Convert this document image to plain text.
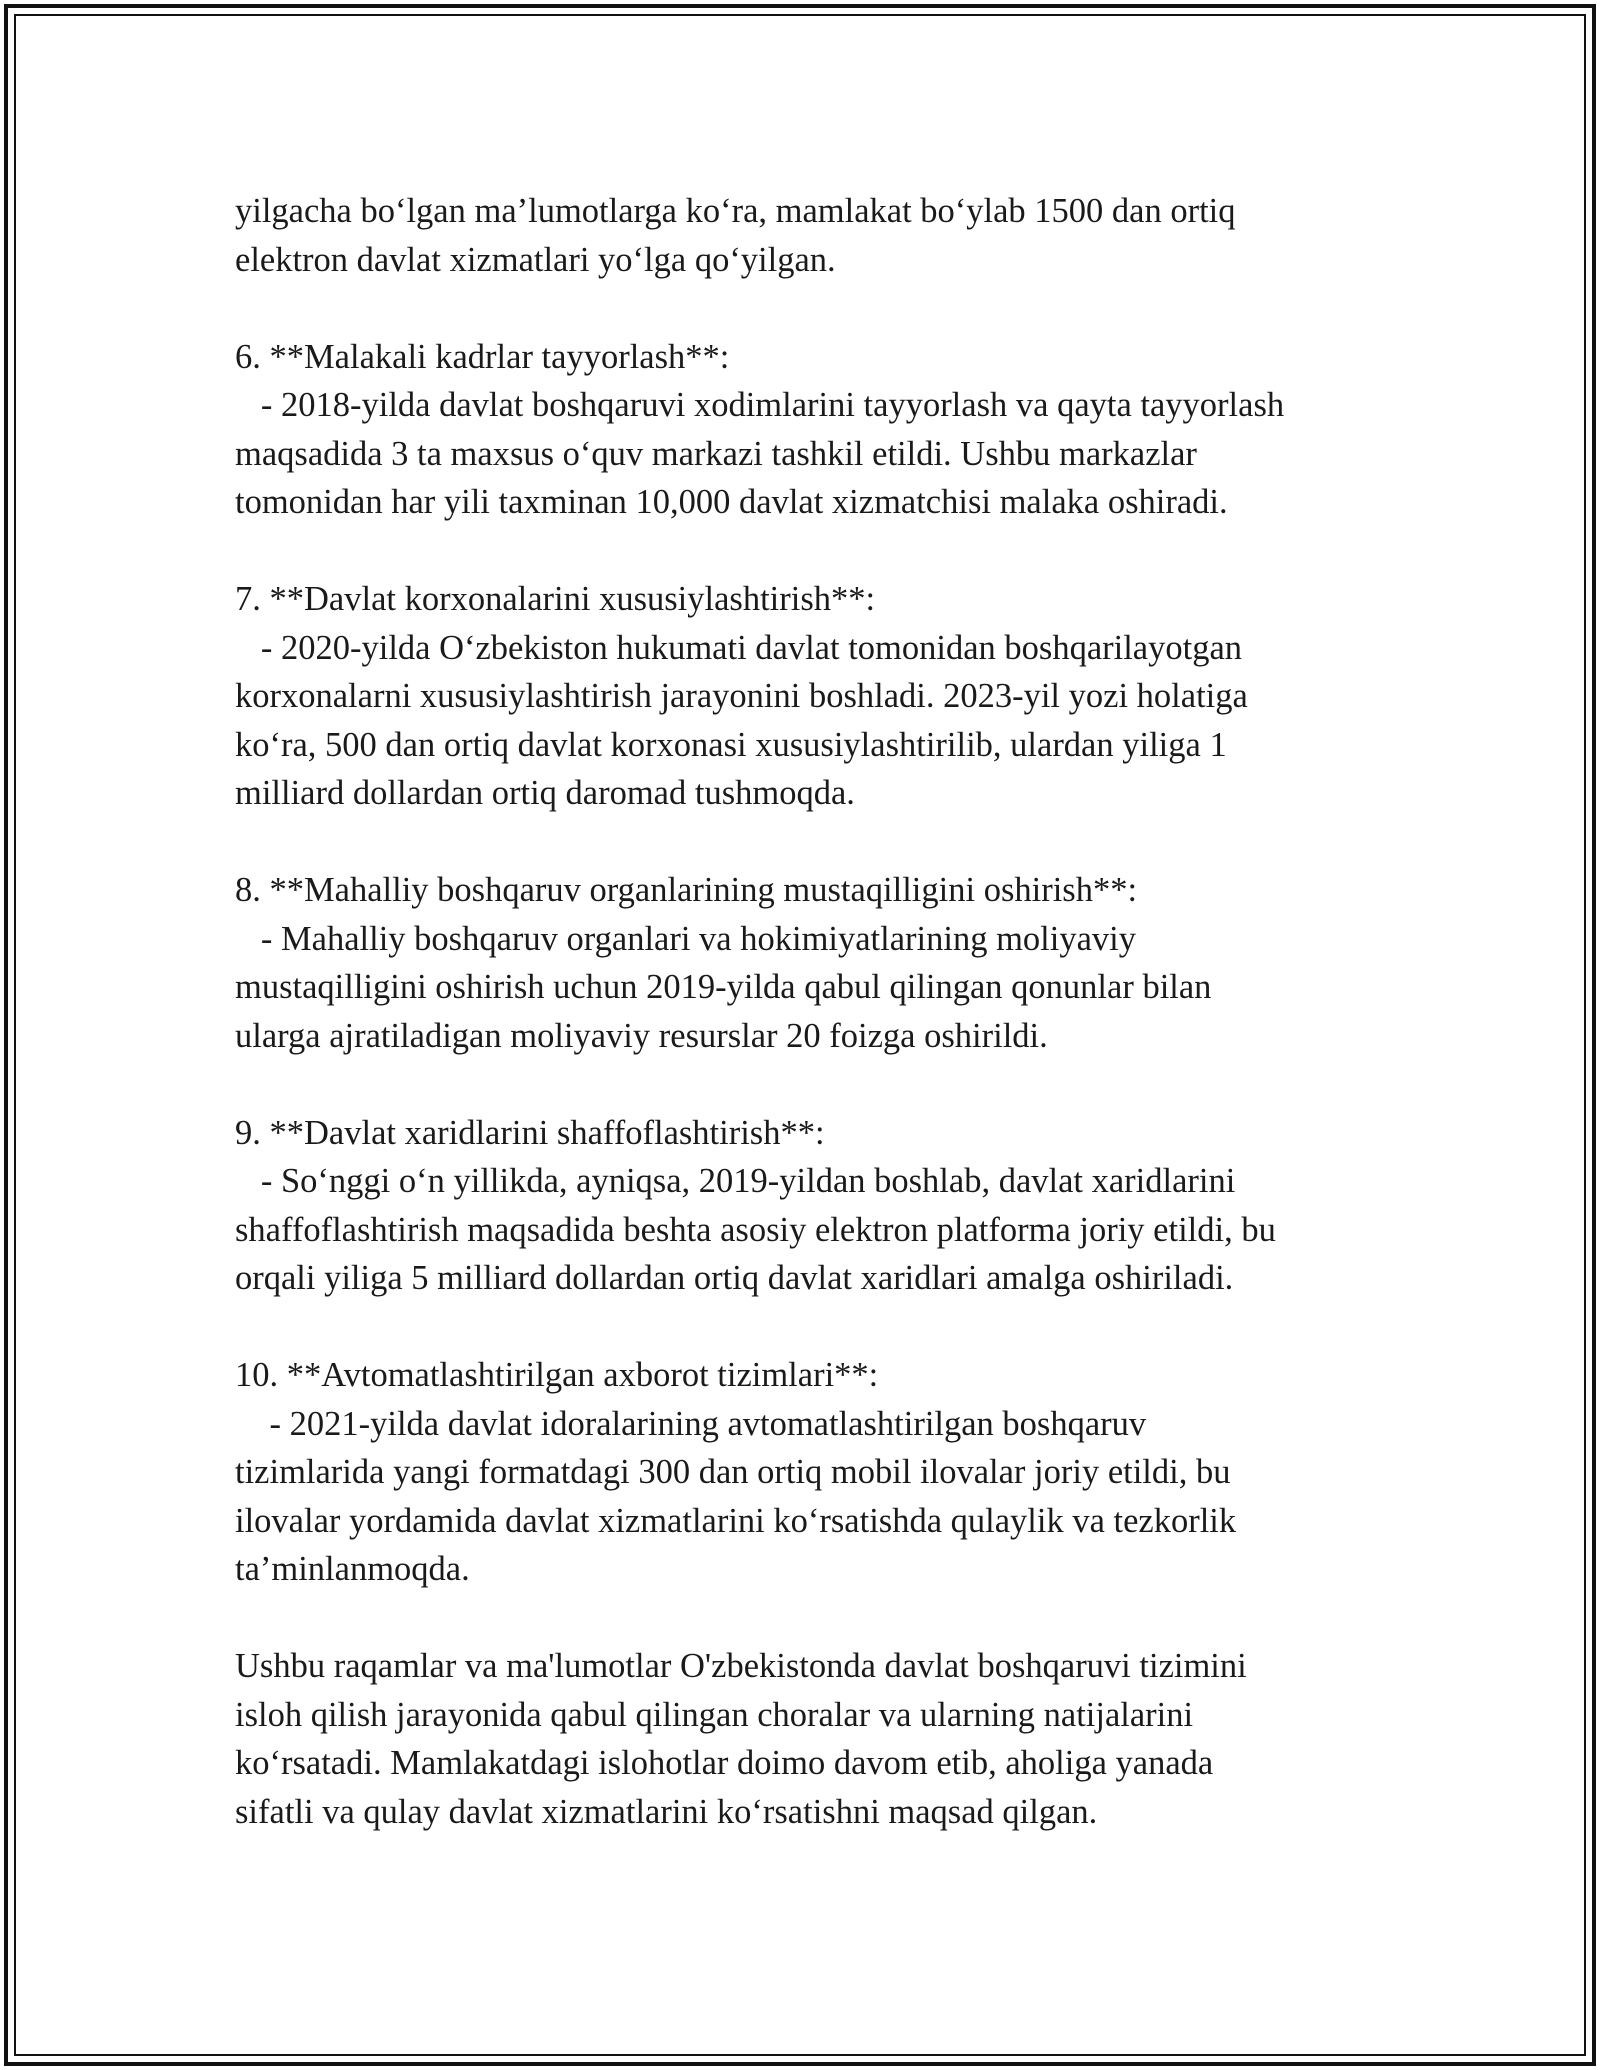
yilgacha bo‘lgan ma’lumotlarga ko‘ra, mamlakat bo‘ylab 1500 dan ortiq
elektron davlat xizmatlari yo‘lga qo‘yilgan.
6. **Malakali kadrlar tayyorlash**:
- 2018-yilda davlat boshqaruvi xodimlarini tayyorlash va qayta tayyorlash
maqsadida 3 ta maxsus o‘quv markazi tashkil etildi. Ushbu markazlar
tomonidan har yili taxminan 10,000 davlat xizmatchisi malaka oshiradi.
7. **Davlat korxonalarini xususiylashtirish**:
- 2020-yilda O‘zbekiston hukumati davlat tomonidan boshqarilayotgan
korxonalarni xususiylashtirish jarayonini boshladi. 2023-yil yozi holatiga
ko‘ra, 500 dan ortiq davlat korxonasi xususiylashtirilib, ulardan yiliga 1
milliard dollardan ortiq daromad tushmoqda.
8. **Mahalliy boshqaruv organlarining mustaqilligini oshirish**:
- Mahalliy boshqaruv organlari va hokimiyatlarining moliyaviy
mustaqilligini oshirish uchun 2019-yilda qabul qilingan qonunlar bilan
ularga ajratiladigan moliyaviy resurslar 20 foizga oshirildi.
9. **Davlat xaridlarini shaffoflashtirish**:
- So‘nggi o‘n yillikda, ayniqsa, 2019-yildan boshlab, davlat xaridlarini
shaffoflashtirish maqsadida beshta asosiy elektron platforma joriy etildi, bu
orqali yiliga 5 milliard dollardan ortiq davlat xaridlari amalga oshiriladi.
10. **Avtomatlashtirilgan axborot tizimlari**:
- 2021-yilda davlat idoralarining avtomatlashtirilgan boshqaruv
tizimlarida yangi formatdagi 300 dan ortiq mobil ilovalar joriy etildi, bu
ilovalar yordamida davlat xizmatlarini ko‘rsatishda qulaylik va tezkorlik
ta’minlanmoqda.
Ushbu raqamlar va ma'lumotlar O'zbekistonda davlat boshqaruvi tizimini
isloh qilish jarayonida qabul qilingan choralar va ularning natijalarini
ko‘rsatadi. Mamlakatdagi islohotlar doimo davom etib, aholiga yanada
sifatli va qulay davlat xizmatlarini ko‘rsatishni maqsad qilgan.
